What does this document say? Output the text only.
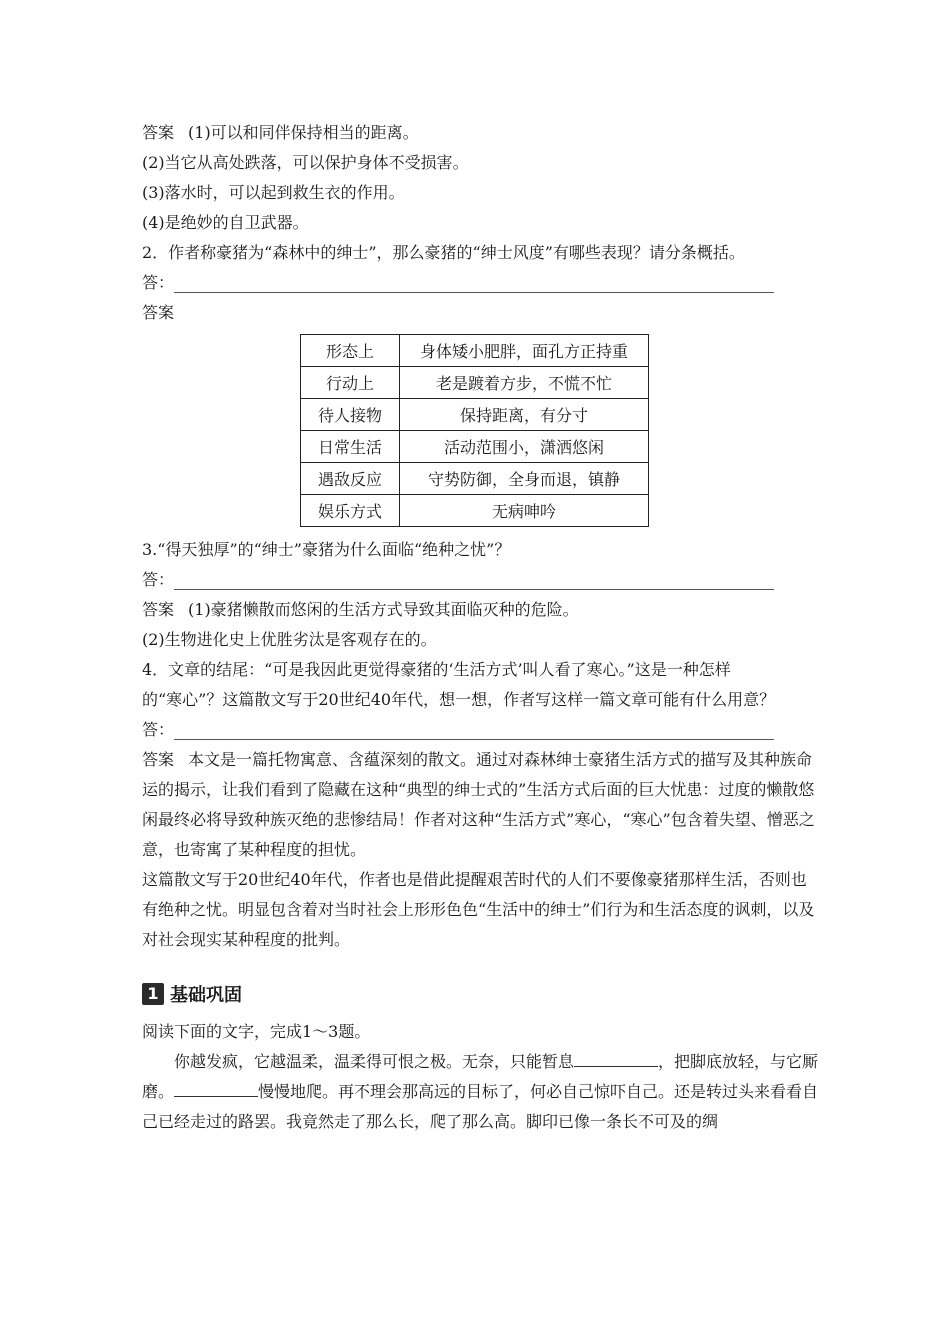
答案 (1)可以和同伴保持相当的距离。

(2)当它从高处跌落，可以保护身体不受损害。

(3)落水时，可以起到救生衣的作用。

(4)是绝妙的自卫武器。

2．作者称豪猪为“森林中的绅士”，那么豪猪的“绅士风度”有哪些表现？请分条概括。

答：

答案

形态上	身体矮小肥胖，面孔方正持重
行动上	老是踱着方步，不慌不忙
待人接物	保持距离，有分寸
日常生活	活动范围小，潇洒悠闲
遇敌反应	守势防御，全身而退，镇静
娱乐方式	无病呻吟

3.“得天独厚”的“绅士”豪猪为什么面临“绝种之忧”？

答：

答案 (1)豪猪懒散而悠闲的生活方式导致其面临灭种的危险。

(2)生物进化史上优胜劣汰是客观存在的。

4．文章的结尾：“可是我因此更觉得豪猪的‘生活方式’叫人看了寒心。”这是一种怎样

的“寒心”？这篇散文写于20世纪40年代，想一想，作者写这样一篇文章可能有什么用意？

答：

答案 本文是一篇托物寓意、含蕴深刻的散文。通过对森林绅士豪猪生活方式的描写及其种族命运的揭示，让我们看到了隐藏在这种“典型的绅士式的”生活方式后面的巨大忧患：过度的懒散悠闲最终必将导致种族灭绝的悲惨结局！作者对这种“生活方式”寒心，“寒心”包含着失望、憎恶之意，也寄寓了某种程度的担忧。

这篇散文写于20世纪40年代，作者也是借此提醒艰苦时代的人们不要像豪猪那样生活，否则也有绝种之忧。明显包含着对当时社会上形形色色“生活中的绅士”们行为和生活态度的讽刺，以及对社会现实某种程度的批判。

1 基础巩固

阅读下面的文字，完成1～3题。

你越发疯，它越温柔，温柔得可恨之极。无奈，只能暂息	，把脚底放轻，与它厮磨。	慢慢地爬。再不理会那高远的目标了，何必自己惊吓自己。还是转过头来看看自己已经走过的路罢。我竟然走了那么长，爬了那么高。脚印已像一条长不可及的绸
